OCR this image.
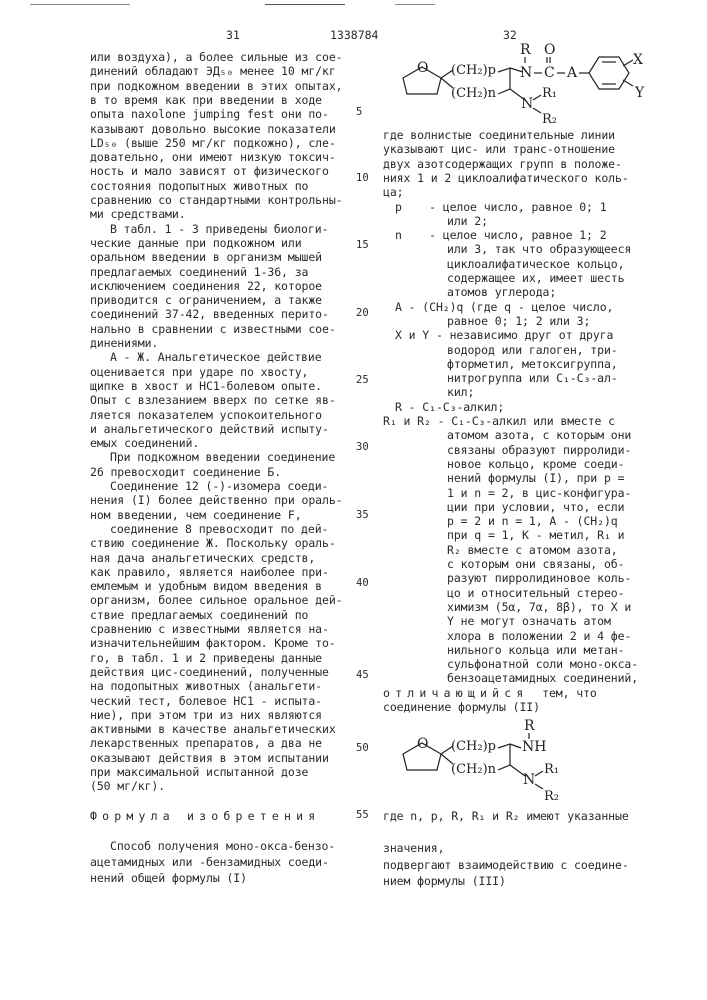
31	1338784	32
или воздуха), а более сильные из сое-
динений обладают ЭД₅₀ менее 10 мг/кг
при подкожном введении в этих опытах,
в то время как при введении в ходе
опыта naxolone jumping fest они по-
казывают довольно высокие показатели
LD₅₀ (выше 250 мг/кг подкожно), сле-
довательно, они имеют низкую токсич-
ность и мало зависят от физического
состояния подопытных животных по
сравнению со стандартными контрольны-
ми средствами.
В табл. 1 - 3 приведены биологи-
ческие данные при подкожном или
оральном введении в организм мышей
предлагаемых соединений 1-36, за
исключением соединения 22, которое
приводится с ограничением, а также
соединений 37-42, введенных перито-
нально в сравнении с известными сое-
динениями.
А - Ж. Анальгетическое действие
оценивается при ударе по хвосту,
щипке в хвост и НС1-болевом опыте.
Опыт с взлезанием вверх по сетке яв-
ляется показателем успокоительного
и анальгетического действий испыту-
емых соединений.
При подкожном введении соединение
26 превосходит соединение Б.
Соединение 12 (-)-изомера соеди-
нения (I) более действенно при ораль-
ном введении, чем соединение F,
соединение 8 превосходит по дей-
ствию соединение Ж. Поскольку ораль-
ная дача анальгетических средств,
как правило, является наиболее при-
емлемым и удобным видом введения в
организм, более сильное оральное дей-
ствие предлагаемых соединений по
сравнению с известными является на-
изначительнейшим фактором. Кроме то-
го, в табл. 1 и 2 приведены данные
действия цис-соединений, полученные
на подопытных животных (анальгети-
ческий тест, болевое НС1 - испыта-
ние), при этом три из них являются
активными в качестве анальгетических
лекарственных препаратов, а два не
оказывают действия в этом испытании
при максимальной испытанной дозе
(50 мг/кг).
Способ получения моно-окса-бензо-
ацетамидных или -бензамидных соеди-
нений общей формулы (I)
где волнистые соединительные линии
указывают цис- или транс-отношение
двух азотсодержащих групп в положе-
ниях 1 и 2 циклоалифатического коль-
ца;
p    - целое число, равное 0; 1
или 2;
n    - целое число, равное 1; 2
или 3, так что образующееся
циклоалифатическое кольцо,
содержащее их, имеет шесть
атомов углерода;
A - (CH₂)q (где q - целое число,
равное 0; 1; 2 или 3;
X и Y - независимо друг от друга
водород или галоген, три-
фторметил, метоксигруппа,
нитрогруппа или C₁-C₃-ал-
кил;
R - C₁-C₃-алкил;
R₁ и R₂ - C₁-C₃-алкил или вместе с
атомом азота, с которым они
связаны образуют пирролиди-
новое кольцо, кроме соеди-
нений формулы (I), при p =
1 и n = 2, в цис-конфигура-
ции при условии, что, если
p = 2 и n = 1, A - (CH₂)q
при q = 1, K - метил, R₁ и
R₂ вместе с атомом азота,
с которым они связаны, об-
разуют пирролидиновое коль-
цо и относительный стерео-
химизм (5α, 7α, 8β), то X и
Y не могут означать атом
хлора в положении 2 и 4 фе-
нильного кольца или метан-
сульфонатной соли моно-окса-
бензоацетамидных соединений,
отличающийся  тем, что
соединение формулы (II)
где n, p, R, R₁ и R₂ имеют указанные
значения,
подвергают взаимодействию с соедине-
нием формулы (III)
5
10
15
20
25
30
35
40
45
50
55
Формула изобретения
O (CH₂)p
(CH₂)n
R
N
O
C A
X
Y
N
R₁
R₂
O (CH₂)p
(CH₂)n
R
NH
N
R₁
R₂
